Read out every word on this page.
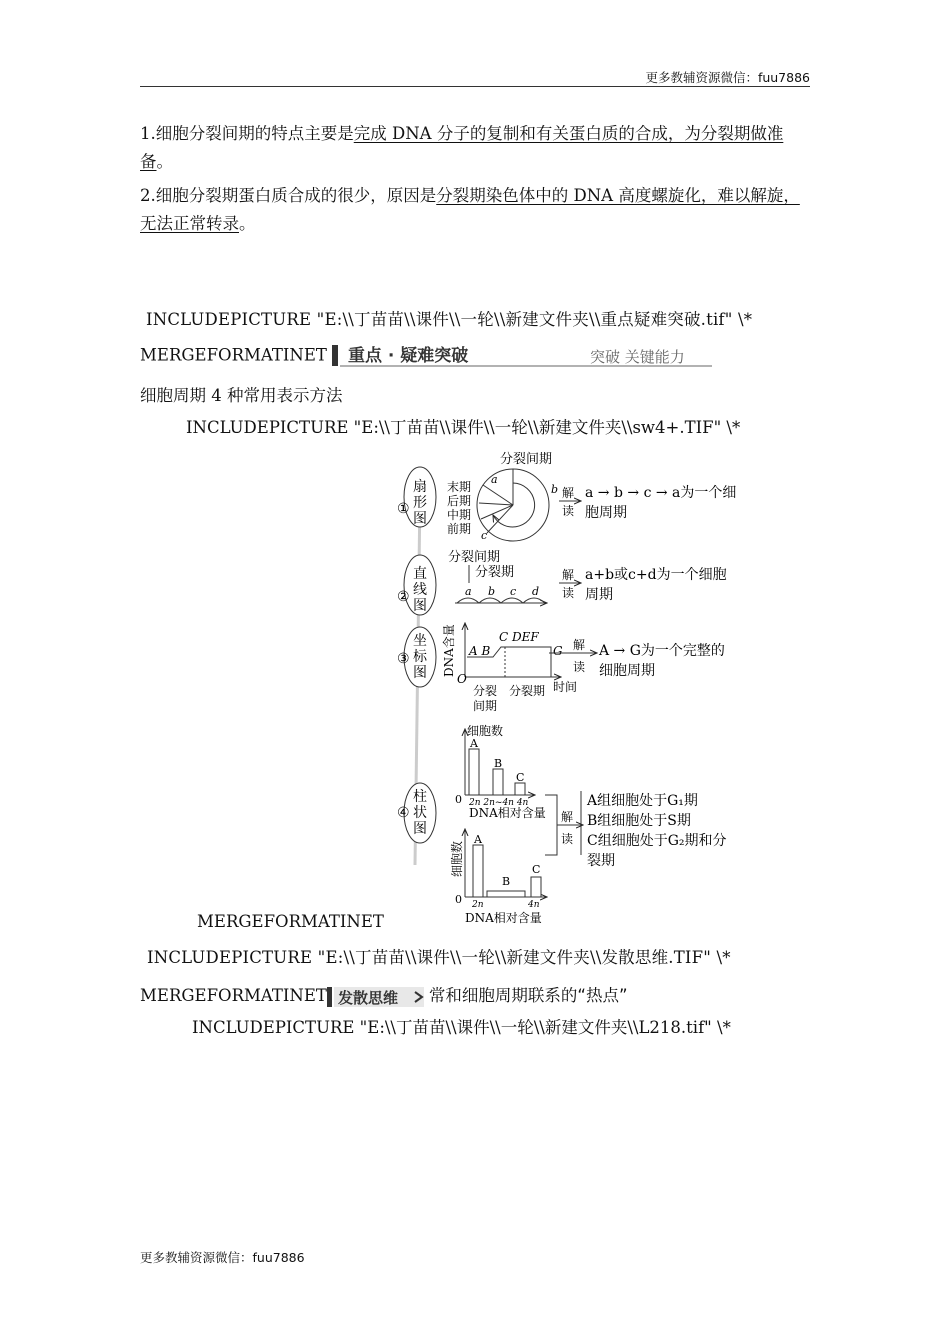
更多教辅资源微信：fuu7886
1.细胞分裂间期的特点主要是完成 DNA 分子的复制和有关蛋白质的合成，为分裂期做准备。
2.细胞分裂期蛋白质合成的很少，原因是分裂期染色体中的 DNA 高度螺旋化，难以解旋，无法正常转录。
INCLUDEPICTURE "E:\\丁苗苗\\课件\\一轮\\新建文件夹\\重点疑难突破.tif" \*
MERGEFORMATINET 重点 · 疑难突破	突破 关键能力
细胞周期 4 种常用表示方法
INCLUDEPICTURE "E:\\丁苗苗\\课件\\一轮\\新建文件夹\\sw4+.TIF" \*
①
扇
形
图
分裂间期
末期
后期
中期
前期
a
b
c
解
读
a → b → c → a为一个细
胞周期
②
直
线
图
分裂间期
分裂期
a b c d
解
读
a+b或c+d为一个细胞
周期
③
坐
标
图 DNA含量	C DEF
A B	G
O
分裂
间期
分裂期 时间
解
读
A → G为一个完整的
细胞周期
④
柱
状
图
细胞数
A
B
C
0 2n 2n~4n 4n
DNA相对含量
细胞数
A
B
C
0 2n	4n
DNA相对含量
解
读
A组细胞处于G₁期
B组细胞处于S期
C组细胞处于G₂期和分
裂期
MERGEFORMATINET
INCLUDEPICTURE "E:\\丁苗苗\\课件\\一轮\\新建文件夹\\发散思维.TIF" \*
MERGEFORMATINET 发散思维 常和细胞周期联系的“热点”
INCLUDEPICTURE "E:\\丁苗苗\\课件\\一轮\\新建文件夹\\L218.tif" \*
更多教辅资源微信：fuu7886
